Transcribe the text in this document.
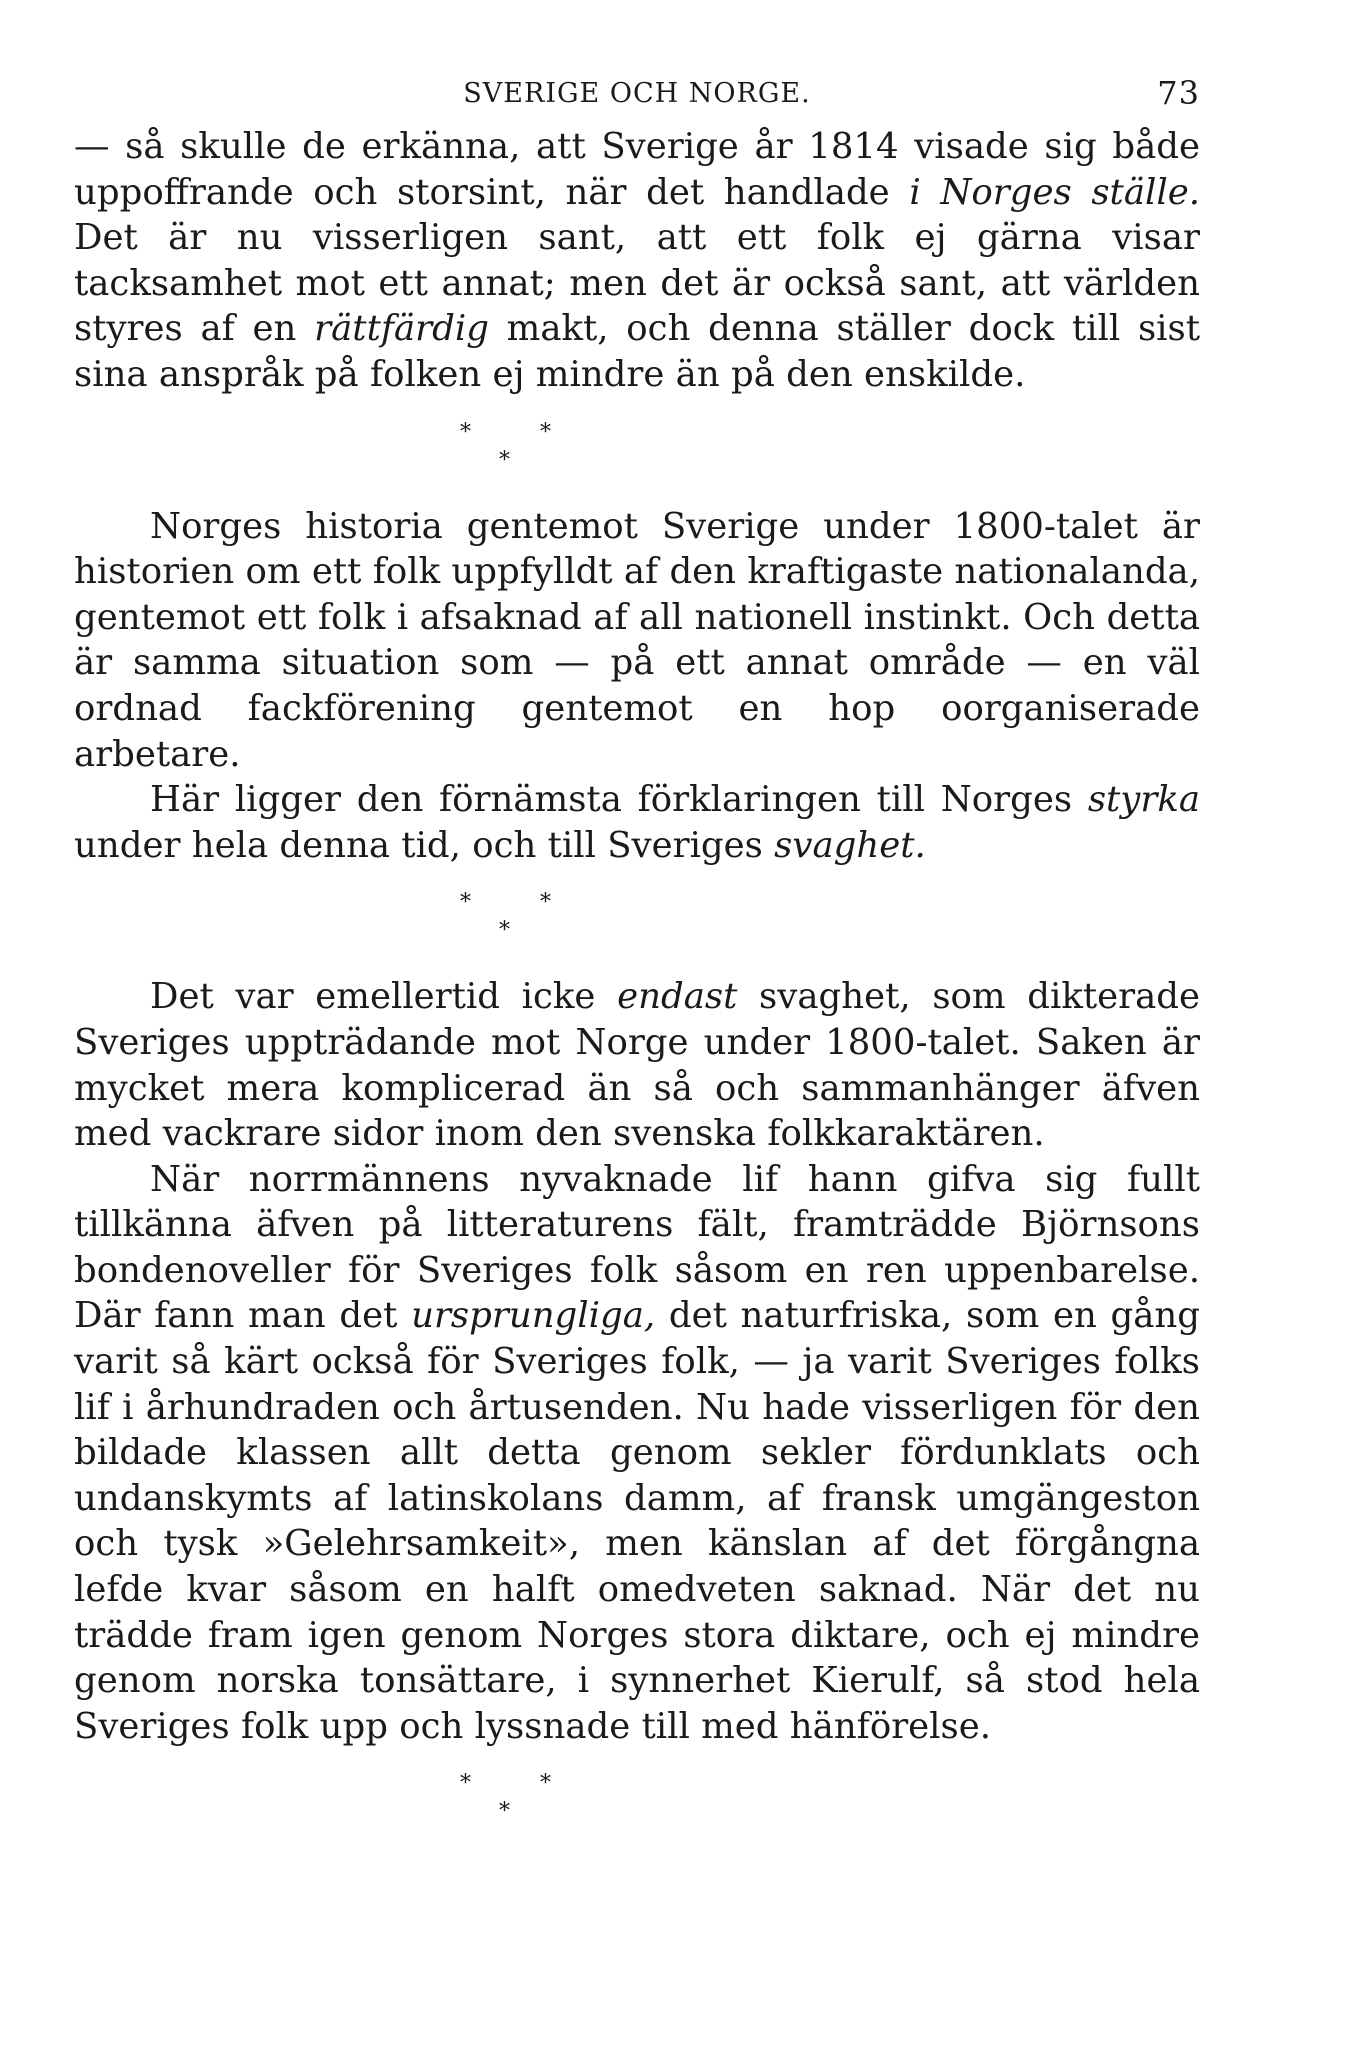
SVERIGE OCH NORGE.	73

— så skulle de erkänna, att Sverige år 1814 visade sig både uppoffrande och storsint, när det handlade i Norges ställe. Det är nu visserligen sant, att ett folk ej gärna visar tacksamhet mot ett annat; men det är också sant, att världen styres af en rättfärdig makt, och denna ställer dock till sist sina anspråk på folken ej mindre än på den enskilde.

*	*
*

Norges historia gentemot Sverige under 1800-talet är historien om ett folk uppfylldt af den kraftigaste nationalanda, gentemot ett folk i afsaknad af all nationell instinkt. Och detta är samma situation som — på ett annat område — en väl ordnad fackförening gentemot en hop oorganiserade arbetare.

Här ligger den förnämsta förklaringen till Norges styrka under hela denna tid, och till Sveriges svaghet.

*	*
*

Det var emellertid icke endast svaghet, som dikterade Sveriges uppträdande mot Norge under 1800-talet. Saken är mycket mera komplicerad än så och sammanhänger äfven med vackrare sidor inom den svenska folkkaraktären.

När norrmännens nyvaknade lif hann gifva sig fullt tillkänna äfven på litteraturens fält, framträdde Björnsons bondenoveller för Sveriges folk såsom en ren uppenbarelse. Där fann man det ursprungliga, det naturfriska, som en gång varit så kärt också för Sveriges folk, — ja varit Sveriges folks lif i århundraden och årtusenden. Nu hade visserligen för den bildade klassen allt detta genom sekler fördunklats och undanskymts af latinskolans damm, af fransk umgängeston och tysk »Gelehrsamkeit», men känslan af det förgångna lefde kvar såsom en halft omedveten saknad. När det nu trädde fram igen genom Norges stora diktare, och ej mindre genom norska tonsättare, i synnerhet Kierulf, så stod hela Sveriges folk upp och lyssnade till med hänförelse.

*	*
*
